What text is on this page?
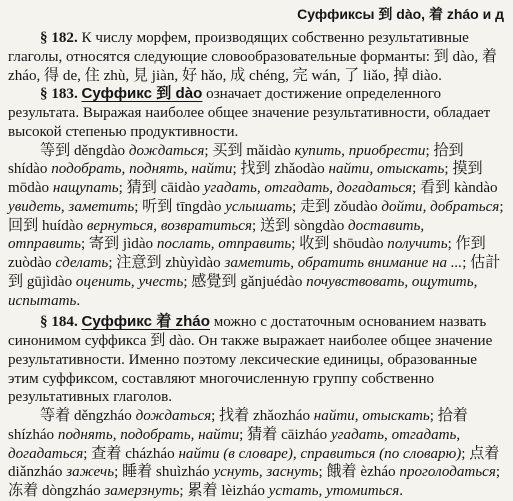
Суффиксы 到 dào, 着 zháo и д

§ 182. К числу морфем, производящих собственно результативные глаголы, относятся следующие словообразовательные форманты: 到 dào, 着 zháo, 得 de, 住 zhù, 見 jiàn, 好 hǎo, 成 chéng, 完 wán, 了 liǎo, 掉 diào.

§ 183. Суффикс 到 dào означает достижение определенного результата. Выражая наиболее общее значение результативности, обладает высокой степенью продуктивности.

等到 děngdào дождаться; 买到 mǎidào купить, приобрести; 拾到 shídào подобрать, поднять, найти; 找到 zhǎodào найти, отыскать; 摸到 mōdào нащупать; 猜到 cāidào угадать, отгадать, догадаться; 看到 kàndào увидеть, заметить; 听到 tīngdào услышать; 走到 zǒudào дойти, добраться; 回到 huídào вернуться, возвратиться; 送到 sòngdào доставить, отправить; 寄到 jìdào послать, отправить; 收到 shōudào получить; 作到 zuòdào сделать; 注意到 zhùyìdào заметить, обратить внимание на ...; 估計到 gūjìdào оценить, учесть; 感覺到 gǎnjuédào почувствовать, ощутить, испытать.

§ 184. Суффикс 着 zháo можно с достаточным основанием назвать синонимом суффикса 到 dào. Он также выражает наиболее общее значение результативности. Именно поэтому лексические единицы, образованные этим суффиксом, составляют многочисленную группу собственно результативных глаголов.

等着 děngzháo дождаться; 找着 zhǎozháo найти, отыскать; 拾着 shízháo поднять, подобрать, найти; 猜着 cāizháo угадать, отгадать, догадаться; 查着 cházháo найти (в словаре), справиться (по словарю); 点着 diǎnzháo зажечь; 睡着 shuìzháo уснуть, заснуть; 餓着 èzháo проголодаться; 冻着 dòngzháo замерзнуть; 累着 lèizháo устать, утомиться.
